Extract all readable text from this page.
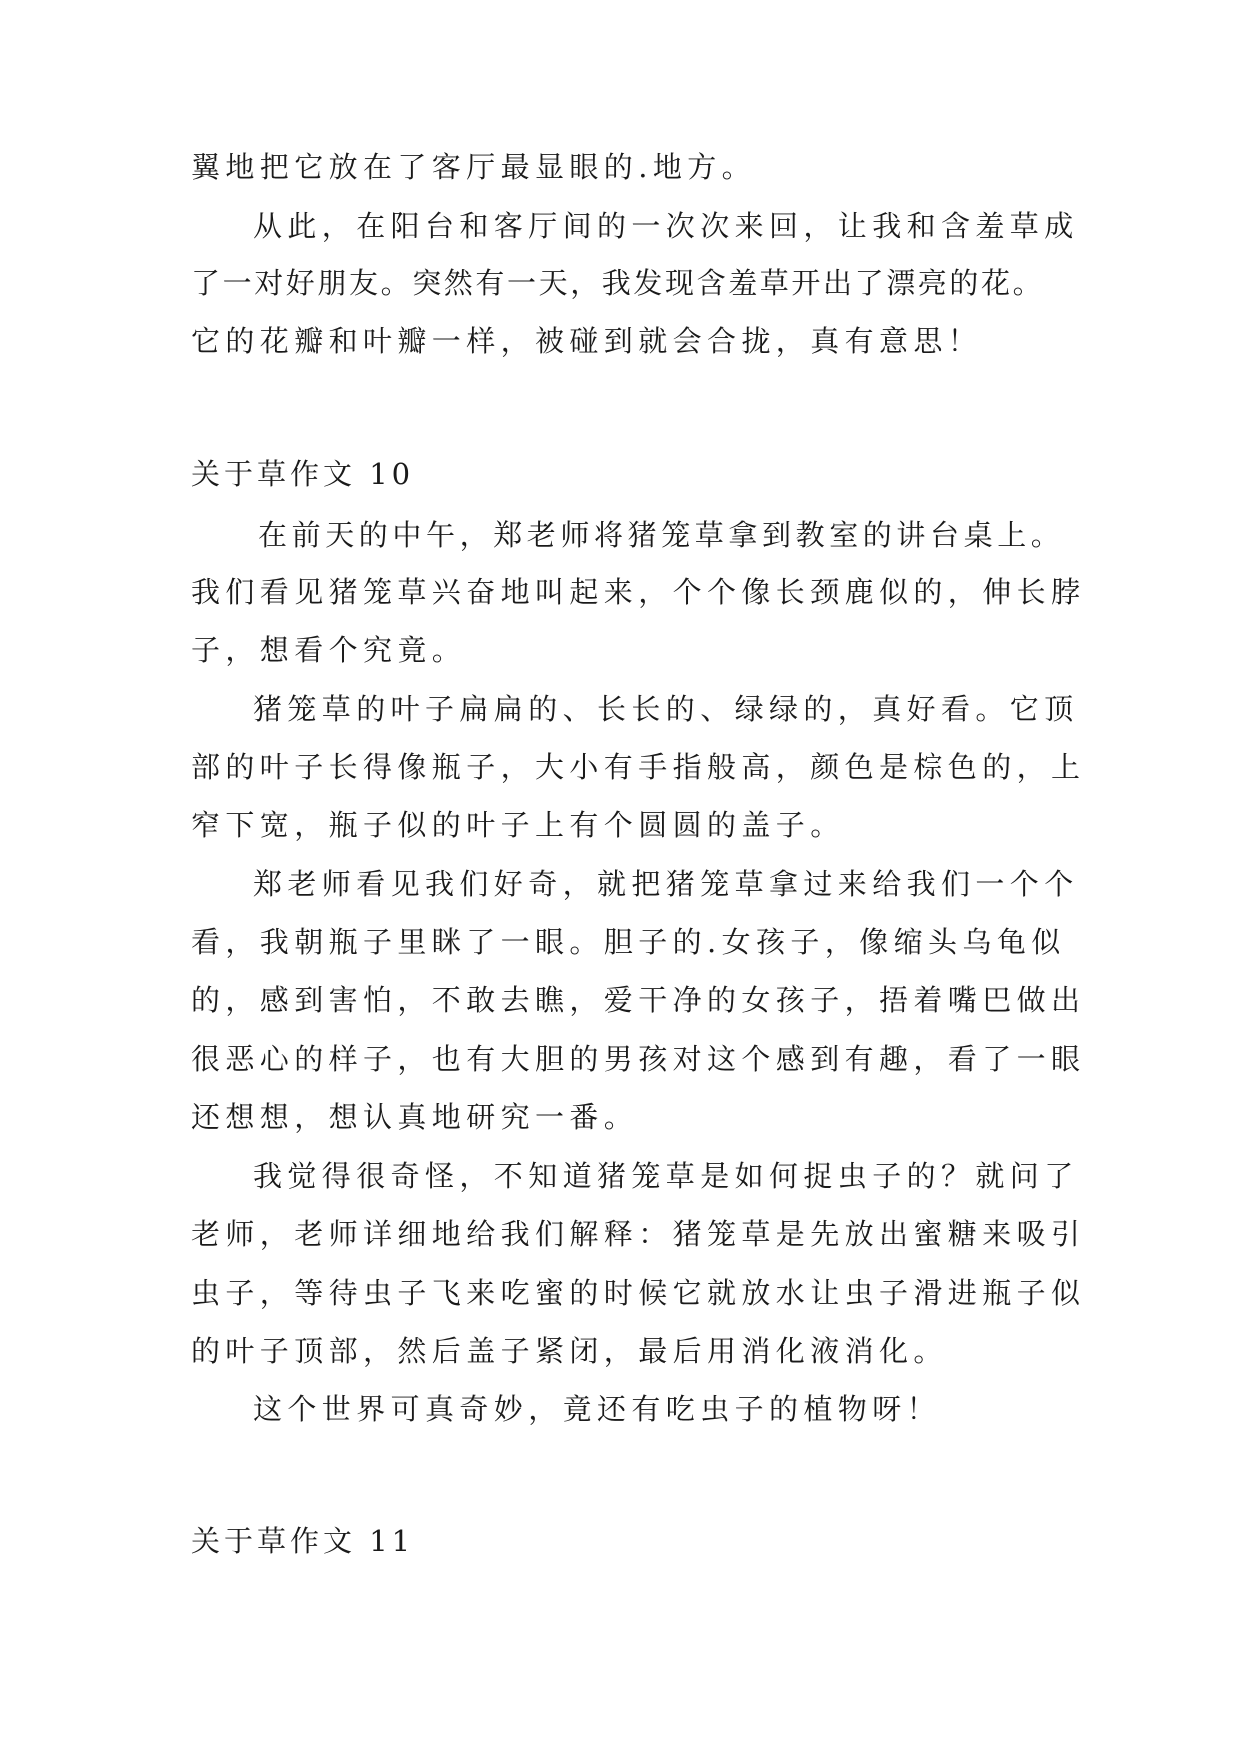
翼地把它放在了客厅最显眼的.地方。
从此，在阳台和客厅间的一次次来回，让我和含羞草成
了一对好朋友。突然有一天，我发现含羞草开出了漂亮的花。
它的花瓣和叶瓣一样，被碰到就会合拢，真有意思！
关于草作文 10
在前天的中午，郑老师将猪笼草拿到教室的讲台桌上。
我们看见猪笼草兴奋地叫起来，个个像长颈鹿似的，伸长脖
子，想看个究竟。
猪笼草的叶子扁扁的、长长的、绿绿的，真好看。它顶
部的叶子长得像瓶子，大小有手指般高，颜色是棕色的，上
窄下宽，瓶子似的叶子上有个圆圆的盖子。
郑老师看见我们好奇，就把猪笼草拿过来给我们一个个
看，我朝瓶子里眯了一眼。胆子的.女孩子，像缩头乌龟似
的，感到害怕，不敢去瞧，爱干净的女孩子，捂着嘴巴做出
很恶心的样子，也有大胆的男孩对这个感到有趣，看了一眼
还想想，想认真地研究一番。
我觉得很奇怪，不知道猪笼草是如何捉虫子的？就问了
老师，老师详细地给我们解释：猪笼草是先放出蜜糖来吸引
虫子，等待虫子飞来吃蜜的时候它就放水让虫子滑进瓶子似
的叶子顶部，然后盖子紧闭，最后用消化液消化。
这个世界可真奇妙，竟还有吃虫子的植物呀！
关于草作文 11
